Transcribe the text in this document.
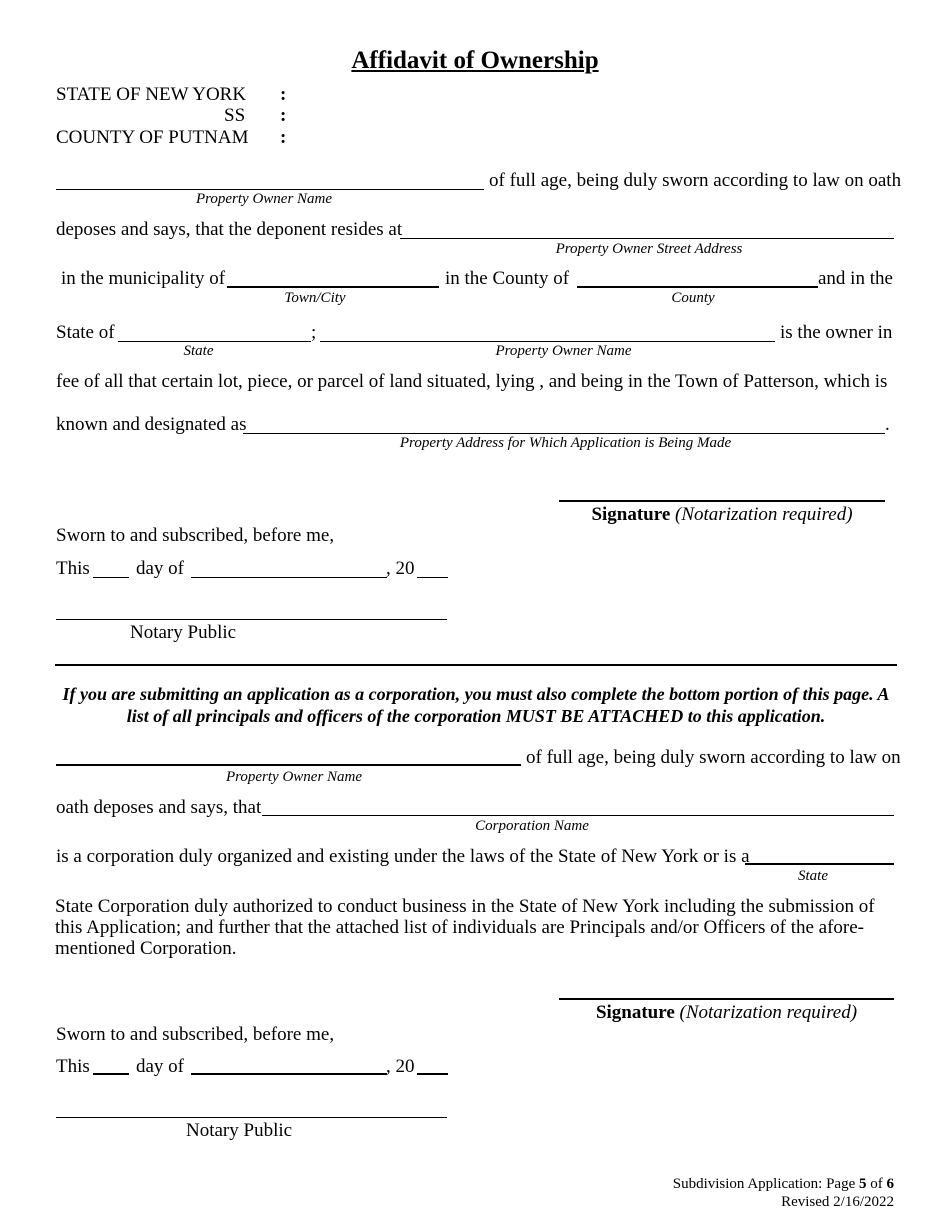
Affidavit of Ownership
STATE OF NEW YORK :
SS :
COUNTY OF PUTNAM :
of full age, being duly sworn according to law on oath
Property Owner Name
deposes and says, that the deponent resides at
Property Owner Street Address
in the municipality of
Town/City
in the County of
County
and in the
State of	;
State	Property Owner Name
is the owner in
fee of all that certain lot, piece, or parcel of land situated, lying , and being in the Town of Patterson, which is
known and designated as	.
Property Address for Which Application is Being Made
Signature (Notarization required)
Sworn to and subscribed, before me,
This day of	, 20
Notary Public
If you are submitting an application as a corporation, you must also complete the bottom portion of this page. A list of all principals and officers of the corporation MUST BE ATTACHED to this application.
of full age, being duly sworn according to law on
Property Owner Name
oath deposes and says, that
Corporation Name
is a corporation duly organized and existing under the laws of the State of New York or is a
State
State Corporation duly authorized to conduct business in the State of New York including the submission of this Application; and further that the attached list of individuals are Principals and/or Officers of the afore-mentioned Corporation.
Signature (Notarization required)
Sworn to and subscribed, before me,
This day of	, 20
Notary Public
Subdivision Application: Page 5 of 6
Revised 2/16/2022
